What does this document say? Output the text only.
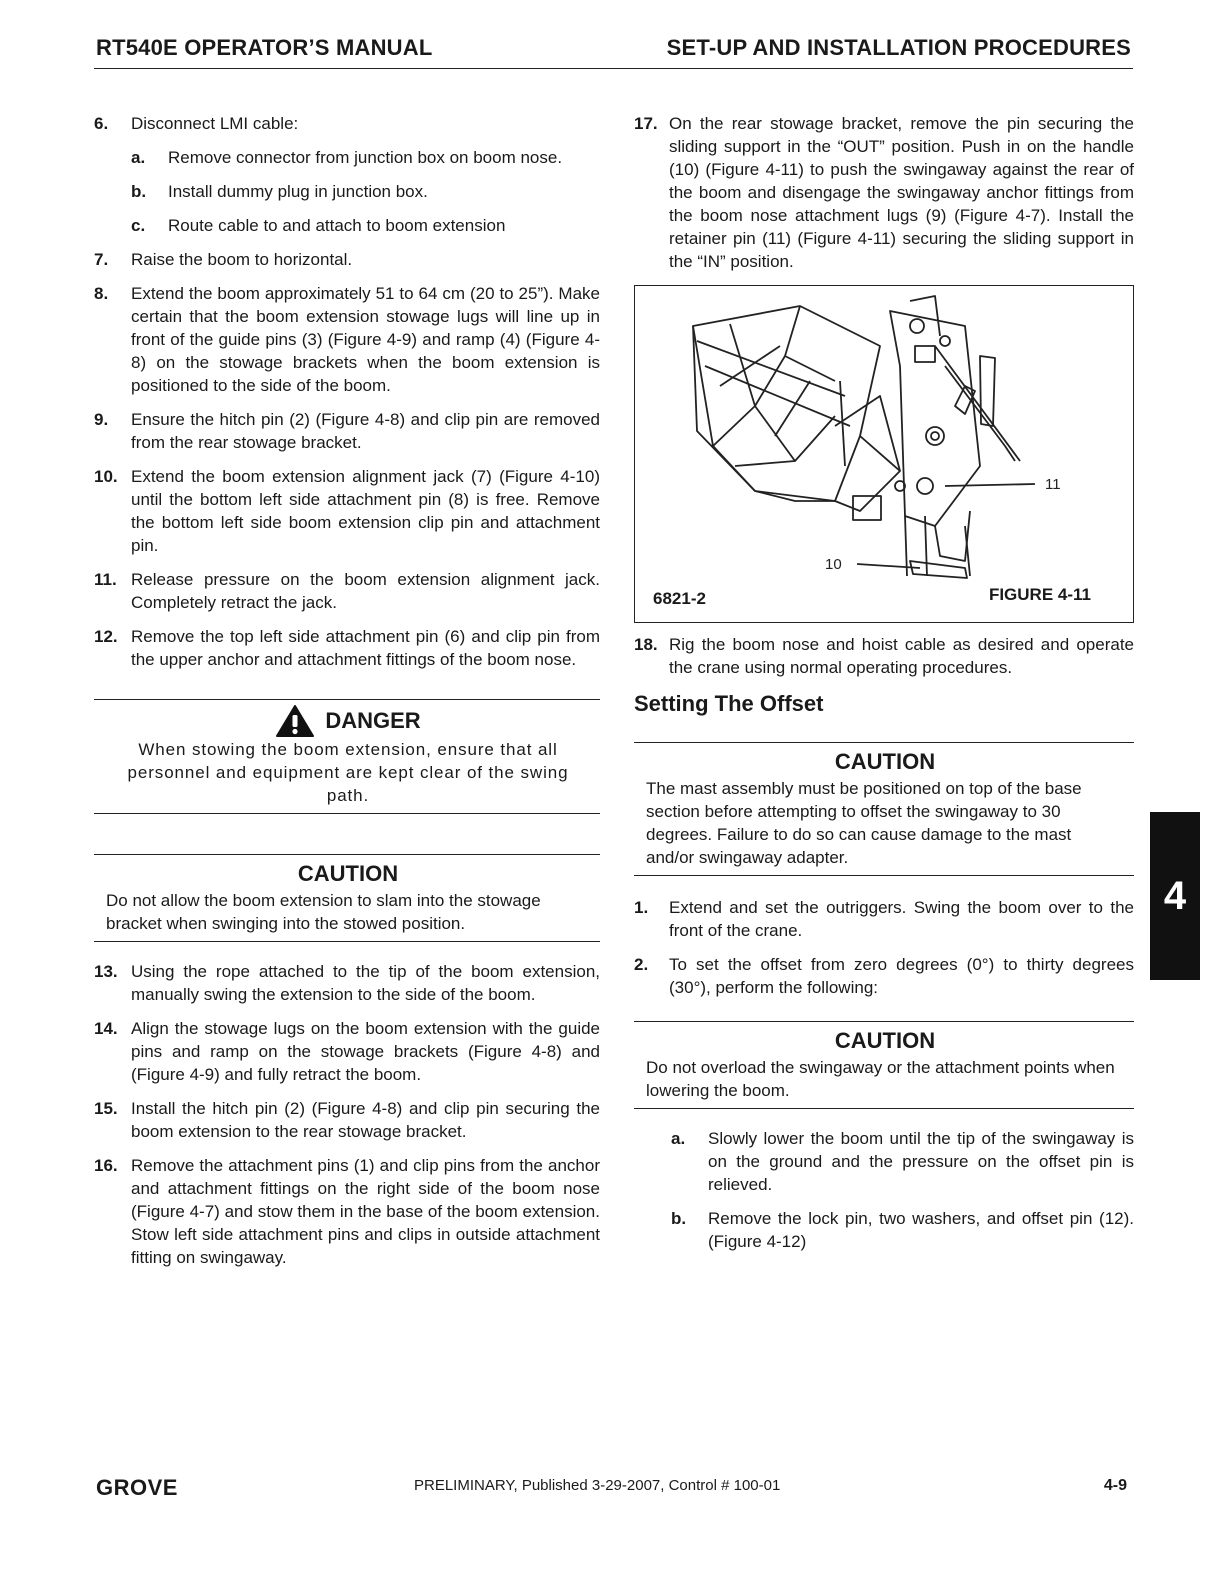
RT540E OPERATOR’S MANUAL	SET-UP AND INSTALLATION PROCEDURES
6. Disconnect LMI cable:
a. Remove connector from junction box on boom nose.
b. Install dummy plug in junction box.
c. Route cable to and attach to boom extension
7. Raise the boom to horizontal.
8. Extend the boom approximately 51 to 64 cm (20 to 25”). Make certain that the boom extension stowage lugs will line up in front of the guide pins (3) (Figure 4-9) and ramp (4) (Figure 4-8) on the stowage brackets when the boom extension is positioned to the side of the boom.
9. Ensure the hitch pin (2) (Figure 4-8) and clip pin are removed from the rear stowage bracket.
10. Extend the boom extension alignment jack (7) (Figure 4-10) until the bottom left side attachment pin (8) is free. Remove the bottom left side boom extension clip pin and attachment pin.
11. Release pressure on the boom extension alignment jack. Completely retract the jack.
12. Remove the top left side attachment pin (6) and clip pin from the upper anchor and attachment fittings of the boom nose.
DANGER
When stowing the boom extension, ensure that all personnel and equipment are kept clear of the swing path.
CAUTION
Do not allow the boom extension to slam into the stowage bracket when swinging into the stowed position.
13. Using the rope attached to the tip of the boom extension, manually swing the extension to the side of the boom.
14. Align the stowage lugs on the boom extension with the guide pins and ramp on the stowage brackets (Figure 4-8) and (Figure 4-9) and fully retract the boom.
15. Install the hitch pin (2) (Figure 4-8) and clip pin securing the boom extension to the rear stowage bracket.
16. Remove the attachment pins (1) and clip pins from the anchor and attachment fittings on the right side of the boom nose (Figure 4-7) and stow them in the base of the boom extension. Stow left side attachment pins and clips in outside attachment fitting on swingaway.
17. On the rear stowage bracket, remove the pin securing the sliding support in the “OUT” position. Push in on the handle (10) (Figure 4-11) to push the swingaway against the rear of the boom and disengage the swingaway anchor fittings from the boom nose attachment lugs (9) (Figure 4-7). Install the retainer pin (11) (Figure 4-11) securing the sliding support in the “IN” position.
11
10
6821-2	FIGURE 4-11
18. Rig the boom nose and hoist cable as desired and operate the crane using normal operating procedures.
Setting The Offset
CAUTION
The mast assembly must be positioned on top of the base section before attempting to offset the swingaway to 30 degrees. Failure to do so can cause damage to the mast and/or swingaway adapter.
1. Extend and set the outriggers. Swing the boom over to the front of the crane.
2. To set the offset from zero degrees (0°) to thirty degrees (30°), perform the following:
CAUTION
Do not overload the swingaway or the attachment points when lowering the boom.
a. Slowly lower the boom until the tip of the swingaway is on the ground and the pressure on the offset pin is relieved.
b. Remove the lock pin, two washers, and offset pin (12). (Figure 4-12)
4
GROVE	PRELIMINARY, Published 3-29-2007, Control # 100-01	4-9
